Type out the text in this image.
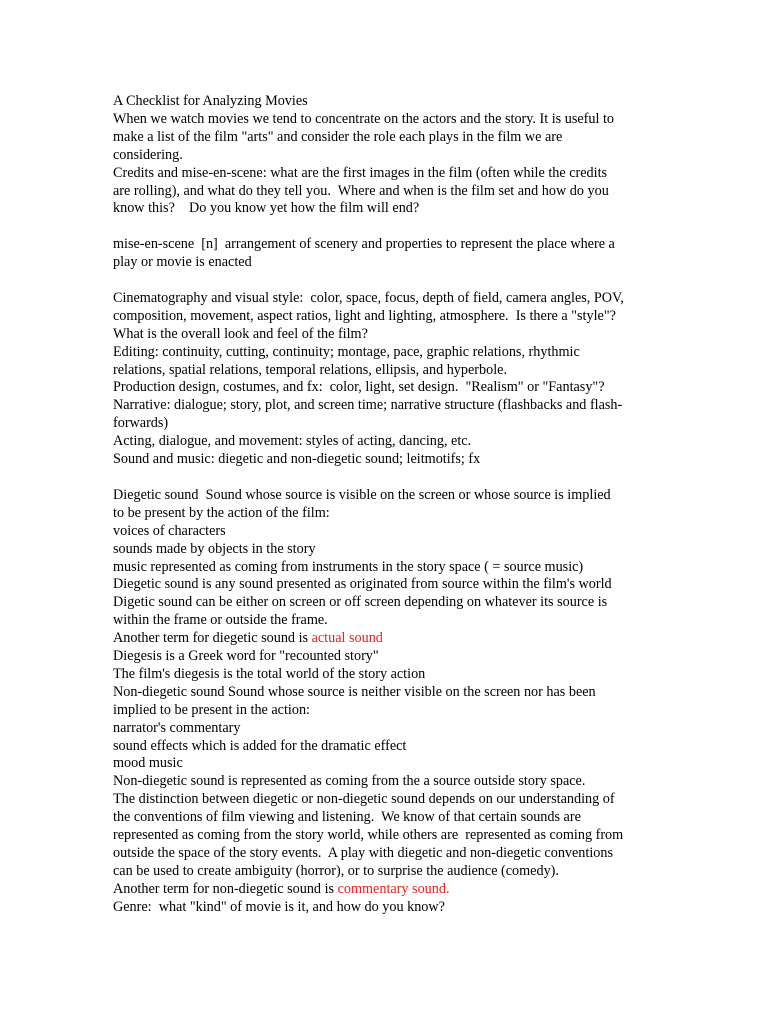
A Checklist for Analyzing Movies
When we watch movies we tend to concentrate on the actors and the story. It is useful to
make a list of the film "arts" and consider the role each plays in the film we are
considering.
Credits and mise-en-scene: what are the first images in the film (often while the credits
are rolling), and what do they tell you.  Where and when is the film set and how do you
know this?    Do you know yet how the film will end?
mise-en-scene  [n]  arrangement of scenery and properties to represent the place where a
play or movie is enacted
Cinematography and visual style:  color, space, focus, depth of field, camera angles, POV,
composition, movement, aspect ratios, light and lighting, atmosphere.  Is there a "style"?
What is the overall look and feel of the film?
Editing: continuity, cutting, continuity; montage, pace, graphic relations, rhythmic
relations, spatial relations, temporal relations, ellipsis, and hyperbole.
Production design, costumes, and fx:  color, light, set design.  "Realism" or "Fantasy"?
Narrative: dialogue; story, plot, and screen time; narrative structure (flashbacks and flash-
forwards)
Acting, dialogue, and movement: styles of acting, dancing, etc.
Sound and music: diegetic and non-diegetic sound; leitmotifs; fx
Diegetic sound  Sound whose source is visible on the screen or whose source is implied
to be present by the action of the film:
voices of characters
sounds made by objects in the story
music represented as coming from instruments in the story space ( = source music)
Diegetic sound is any sound presented as originated from source within the film's world
Digetic sound can be either on screen or off screen depending on whatever its source is
within the frame or outside the frame.
Another term for diegetic sound is actual sound
Diegesis is a Greek word for "recounted story"
The film's diegesis is the total world of the story action
Non-diegetic sound Sound whose source is neither visible on the screen nor has been
implied to be present in the action:
narrator's commentary
sound effects which is added for the dramatic effect
mood music
Non-diegetic sound is represented as coming from the a source outside story space.
The distinction between diegetic or non-diegetic sound depends on our understanding of
the conventions of film viewing and listening.  We know of that certain sounds are
represented as coming from the story world, while others are  represented as coming from
outside the space of the story events.  A play with diegetic and non-diegetic conventions
can be used to create ambiguity (horror), or to surprise the audience (comedy).
Another term for non-diegetic sound is commentary sound.
Genre:  what "kind" of movie is it, and how do you know?
